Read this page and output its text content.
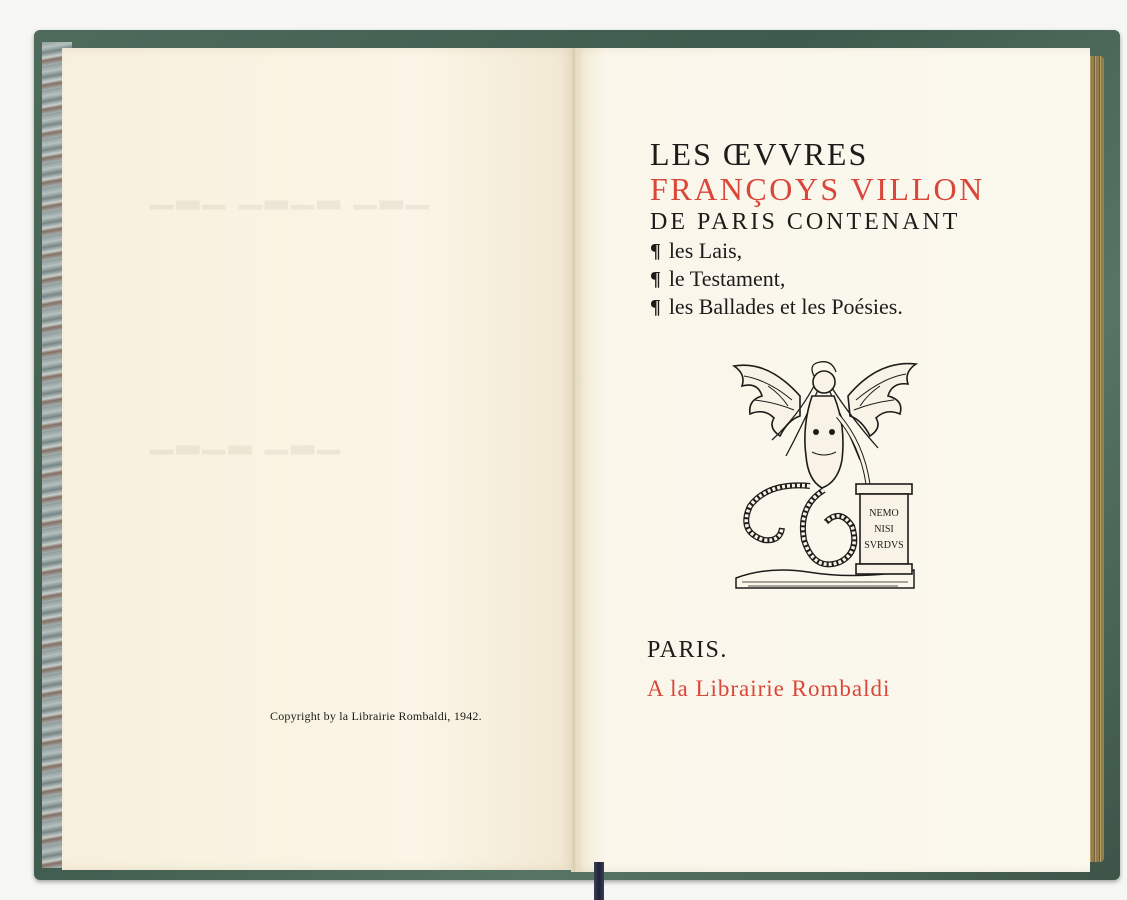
▁▂▁ ▁▂▁▂ ▁▂▁
▁▂▁▂ ▁▂▁
Copyright by la Librairie Rombaldi, 1942.
LES ŒVVRES
FRANÇOYS VILLON
DE PARIS CONTENANT
¶ les Lais,
¶ le Testament,
¶ les Ballades et les Poésies.
NEMO
NISI
SVRDVS
PARIS.
A la Librairie Rombaldi
